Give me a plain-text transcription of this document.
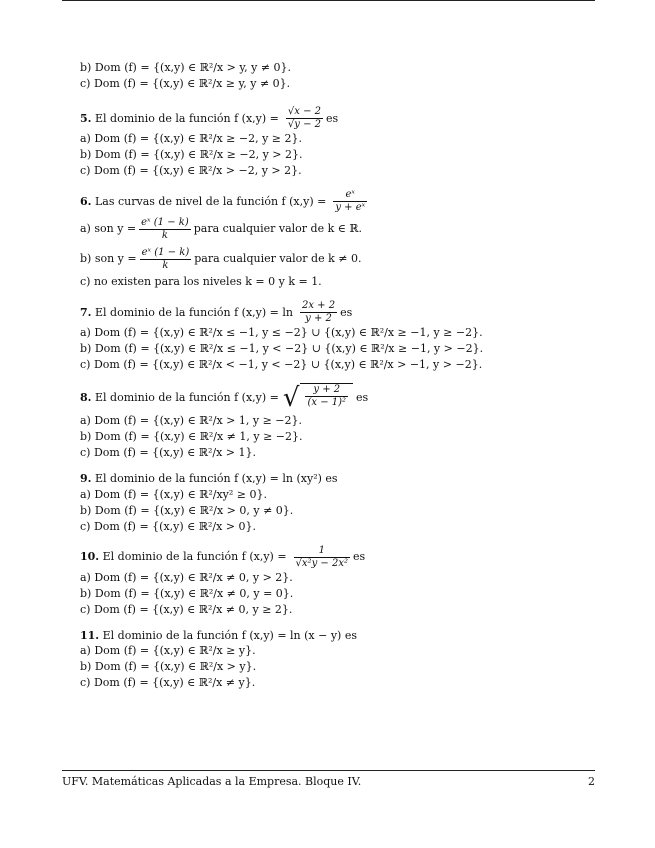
b) Dom (f) = {(x,y) ∈ ℝ²/x > y, y ≠ 0}.
c) Dom (f) = {(x,y) ∈ ℝ²/x ≥ y, y ≠ 0}.
5.
El dominio de la función f $(x,y) = \frac{√x - 2}{√y - 2}$ es
a) Dom (f) = {(x,y) ∈ ℝ²/x ≥ −2, y ≥ 2}.
b) Dom (f) = {(x,y) ∈ ℝ²/x ≥ −2, y > 2}.
c) Dom (f) = {(x,y) ∈ ℝ²/x > −2, y > 2}.
6.
Las curvas de nivel de la función f $(x,y) = \frac{\text{eˣ}}{\text{y + eˣ}}$
a) son $y = \frac{\text{eˣ (1 − k)}}{k}$ para cualquier valor de k ∈ ℝ.
b) son $y = \frac{\text{eˣ (1 − k)}}{k}$ para cualquier valor de k ≠ 0.
c) no existen para los niveles k = 0 y k = 1.
7.
El dominio de la función f $(x,y) = \ln \frac{2x + 2}{y + 2}$ es
a) Dom (f) = {(x,y) ∈ ℝ²/x ≤ −1, y ≤ −2} ∪ {(x,y) ∈ ℝ²/x ≥ −1, y ≥ −2}.
b) Dom (f) = {(x,y) ∈ ℝ²/x ≤ −1, y < −2} ∪ {(x,y) ∈ ℝ²/x ≥ −1, y > −2}.
c) Dom (f) = {(x,y) ∈ ℝ²/x < −1, y < −2} ∪ {(x,y) ∈ ℝ²/x > −1, y > −2}.
8.
El dominio de la función f (x,y) = √ $\frac{y + 2}{\text{(x − 1)²}}$ es
a) Dom (f) = {(x,y) ∈ ℝ²/x > 1, y ≥ −2}.
b) Dom (f) = {(x,y) ∈ ℝ²/x ≠ 1, y ≥ −2}.
c) Dom (f) = {(x,y) ∈ ℝ²/x > 1}.
9.
El dominio de la función f (x,y) = ln (xy²) es
a) Dom (f) = {(x,y) ∈ ℝ²/xy² ≥ 0}.
b) Dom (f) = {(x,y) ∈ ℝ²/x > 0, y ≠ 0}.
c) Dom (f) = {(x,y) ∈ ℝ²/x > 0}.
10.
El dominio de la función f $(x,y) = \frac{1}{\text{√x²y − 2x²}}$ es
a) Dom (f) = {(x,y) ∈ ℝ²/x ≠ 0, y > 2}.
b) Dom (f) = {(x,y) ∈ ℝ²/x ≠ 0, y = 0}.
c) Dom (f) = {(x,y) ∈ ℝ²/x ≠ 0, y ≥ 2}.
11.
El dominio de la función f (x,y) = ln (x − y) es
a) Dom (f) = {(x,y) ∈ ℝ²/x ≥ y}.
b) Dom (f) = {(x,y) ∈ ℝ²/x > y}.
c) Dom (f) = {(x,y) ∈ ℝ²/x ≠ y}.
UFV. Matemáticas Aplicadas a la Empresa. Bloque IV.	2
